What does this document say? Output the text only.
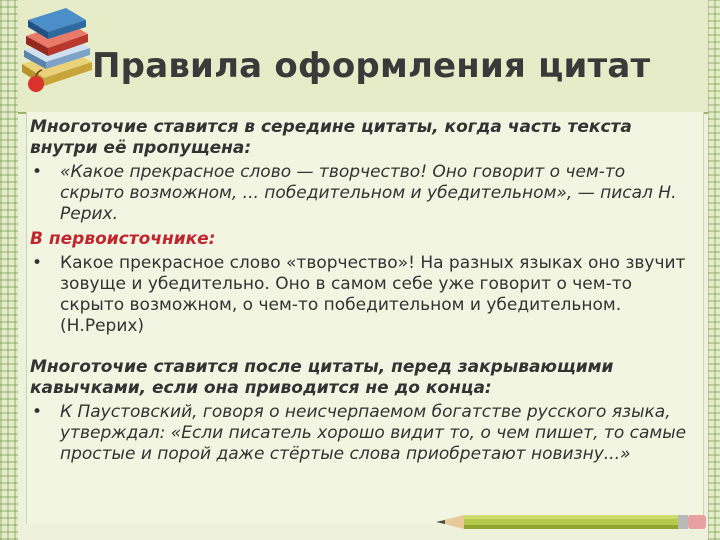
Правила оформления цитат

Многоточие ставится в середине цитаты, когда часть текста внутри её пропущена:

•	«Какое прекрасное слово — творчество! Оно говорит о чем-то скрыто возможном, ... победительном и убедительном», — писал Н. Рерих.

В первоисточнике:

•	Какое прекрасное слово «творчество»! На разных языках оно звучит зовуще и убедительно. Оно в самом себе уже говорит о чем-то скрыто возможном, о чем-то победительном и убедительном. (Н.Рерих)

Многоточие ставится после цитаты, перед закрывающими кавычками, если она приводится не до конца:

•	К Паустовский, говоря о неисчерпаемом богатстве русского языка, утверждал: «Если писатель хорошо видит то, о чем пишет, то самые простые и порой даже стёртые слова приобретают новизну...»
